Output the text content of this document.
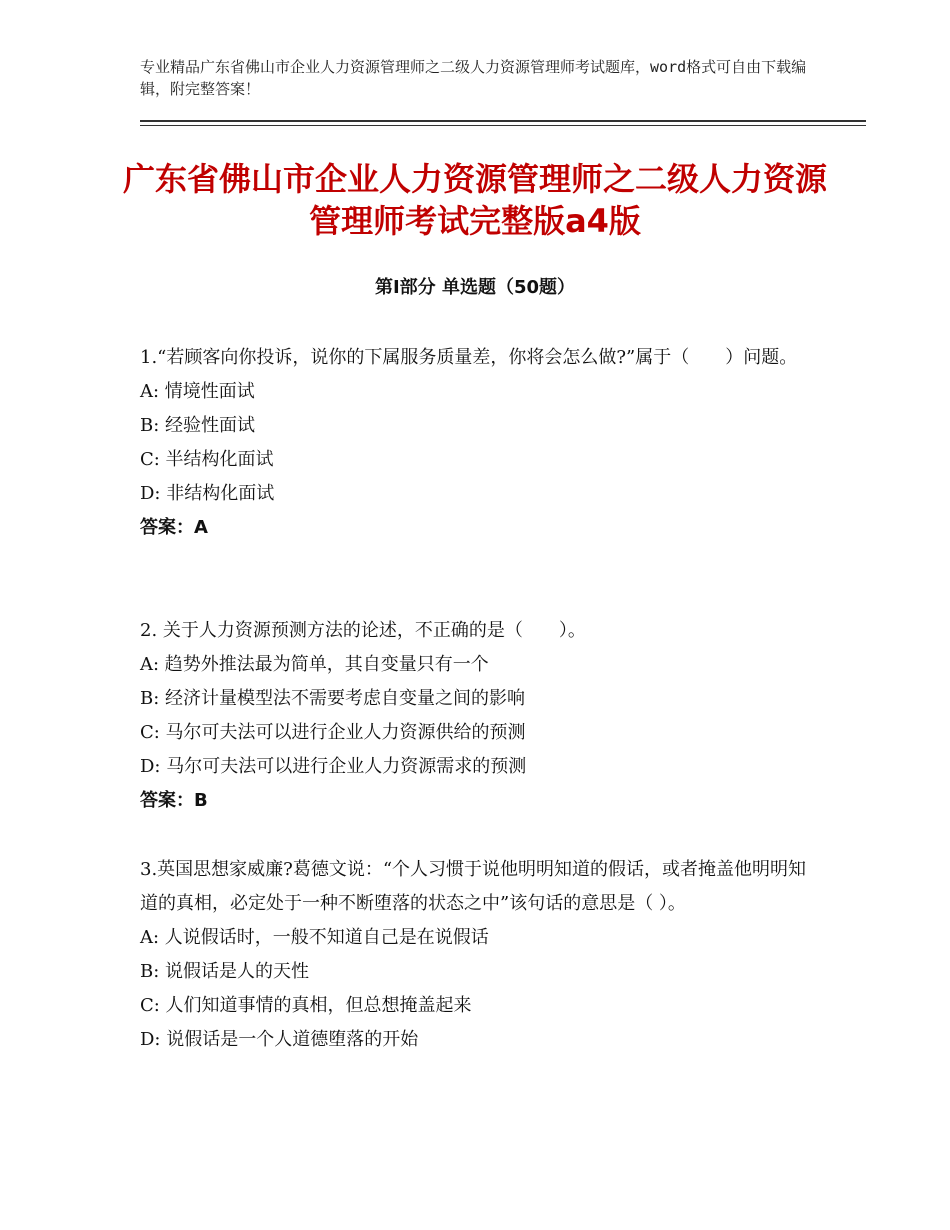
专业精品广东省佛山市企业人力资源管理师之二级人力资源管理师考试题库，word格式可自由下载编辑，附完整答案！
广东省佛山市企业人力资源管理师之二级人力资源管理师考试完整版a4版
第Ⅰ部分 单选题（50题）
1.“若顾客向你投诉，说你的下属服务质量差，你将会怎么做?”属于（　　）问题。
A: 情境性面试
B: 经验性面试
C: 半结构化面试
D: 非结构化面试
答案：A
2. 关于人力资源预测方法的论述，不正确的是（　　）。
A: 趋势外推法最为简单，其自变量只有一个
B: 经济计量模型法不需要考虑自变量之间的影响
C: 马尔可夫法可以进行企业人力资源供给的预测
D: 马尔可夫法可以进行企业人力资源需求的预测
答案：B
3.英国思想家威廉?葛德文说：“个人习惯于说他明明知道的假话，或者掩盖他明明知道的真相，必定处于一种不断堕落的状态之中”该句话的意思是（ ）。
A: 人说假话时，一般不知道自己是在说假话
B: 说假话是人的天性
C: 人们知道事情的真相，但总想掩盖起来
D: 说假话是一个人道德堕落的开始
